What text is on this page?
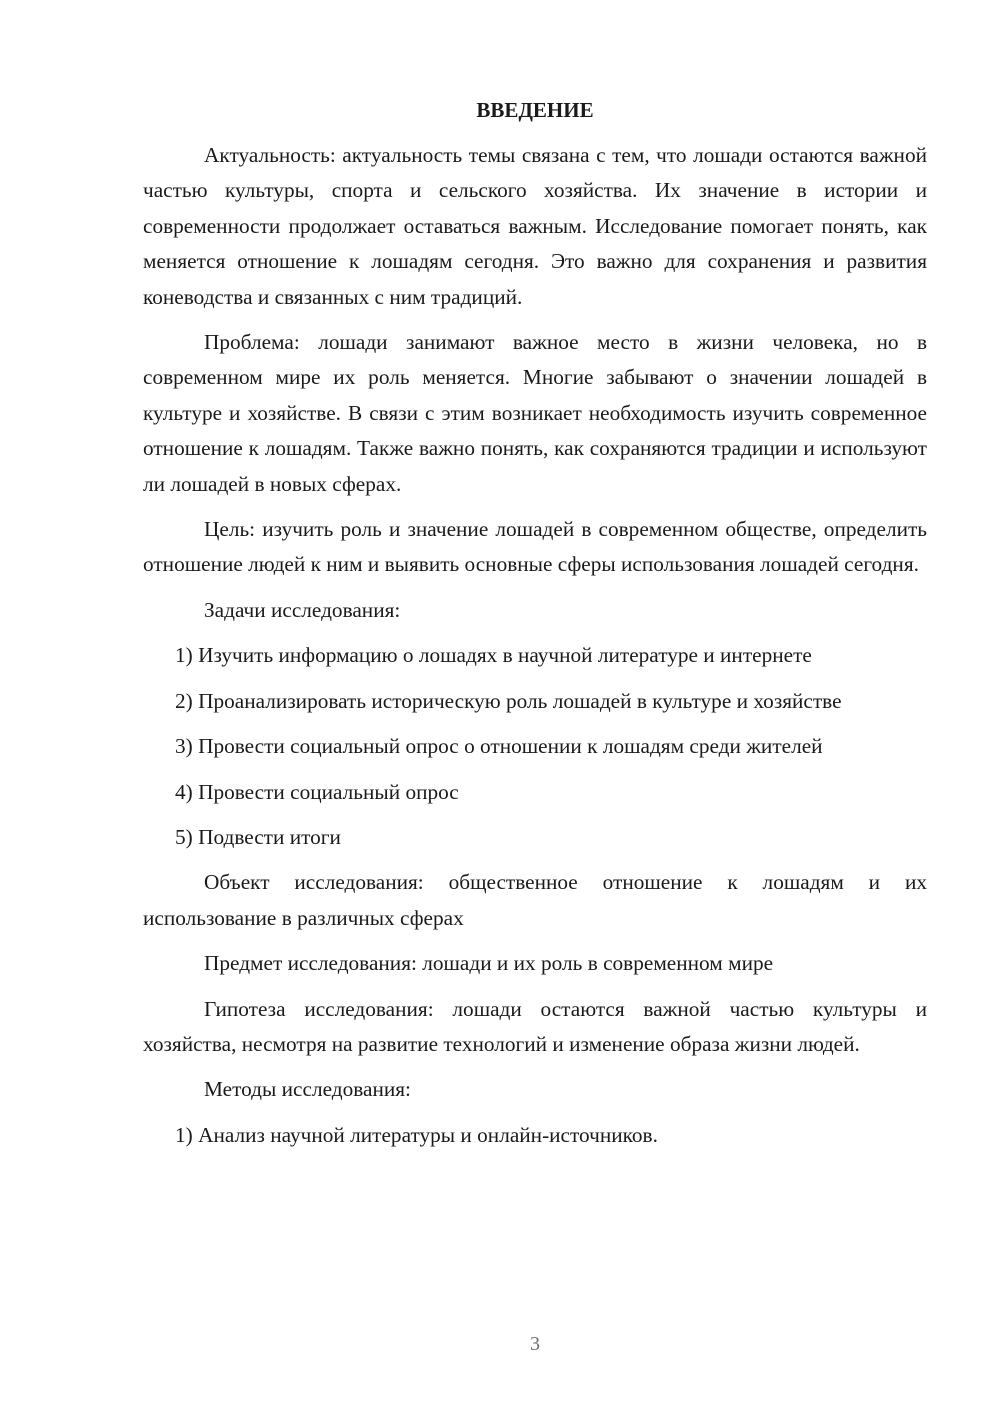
ВВЕДЕНИЕ

Актуальность: актуальность темы связана с тем, что лошади остаются важной частью культуры, спорта и сельского хозяйства. Их значение в истории и современности продолжает оставаться важным. Исследование помогает понять, как меняется отношение к лошадям сегодня. Это важно для сохранения и развития коневодства и связанных с ним традиций.

Проблема: лошади занимают важное место в жизни человека, но в современном мире их роль меняется. Многие забывают о значении лошадей в культуре и хозяйстве. В связи с этим возникает необходимость изучить современное отношение к лошадям. Также важно понять, как сохраняются традиции и используют ли лошадей в новых сферах.

Цель: изучить роль и значение лошадей в современном обществе, определить отношение людей к ним и выявить основные сферы использования лошадей сегодня.

Задачи исследования:

1) Изучить информацию о лошадях в научной литературе и интернете

2) Проанализировать историческую роль лошадей в культуре и хозяйстве

3) Провести социальный опрос о отношении к лошадям среди жителей

4) Провести социальный опрос

5) Подвести итоги

Объект исследования: общественное отношение к лошадям и их использование в различных сферах

Предмет исследования: лошади и их роль в современном мире

Гипотеза исследования: лошади остаются важной частью культуры и хозяйства, несмотря на развитие технологий и изменение образа жизни людей.

Методы исследования:

1) Анализ научной литературы и онлайн-источников.

3
